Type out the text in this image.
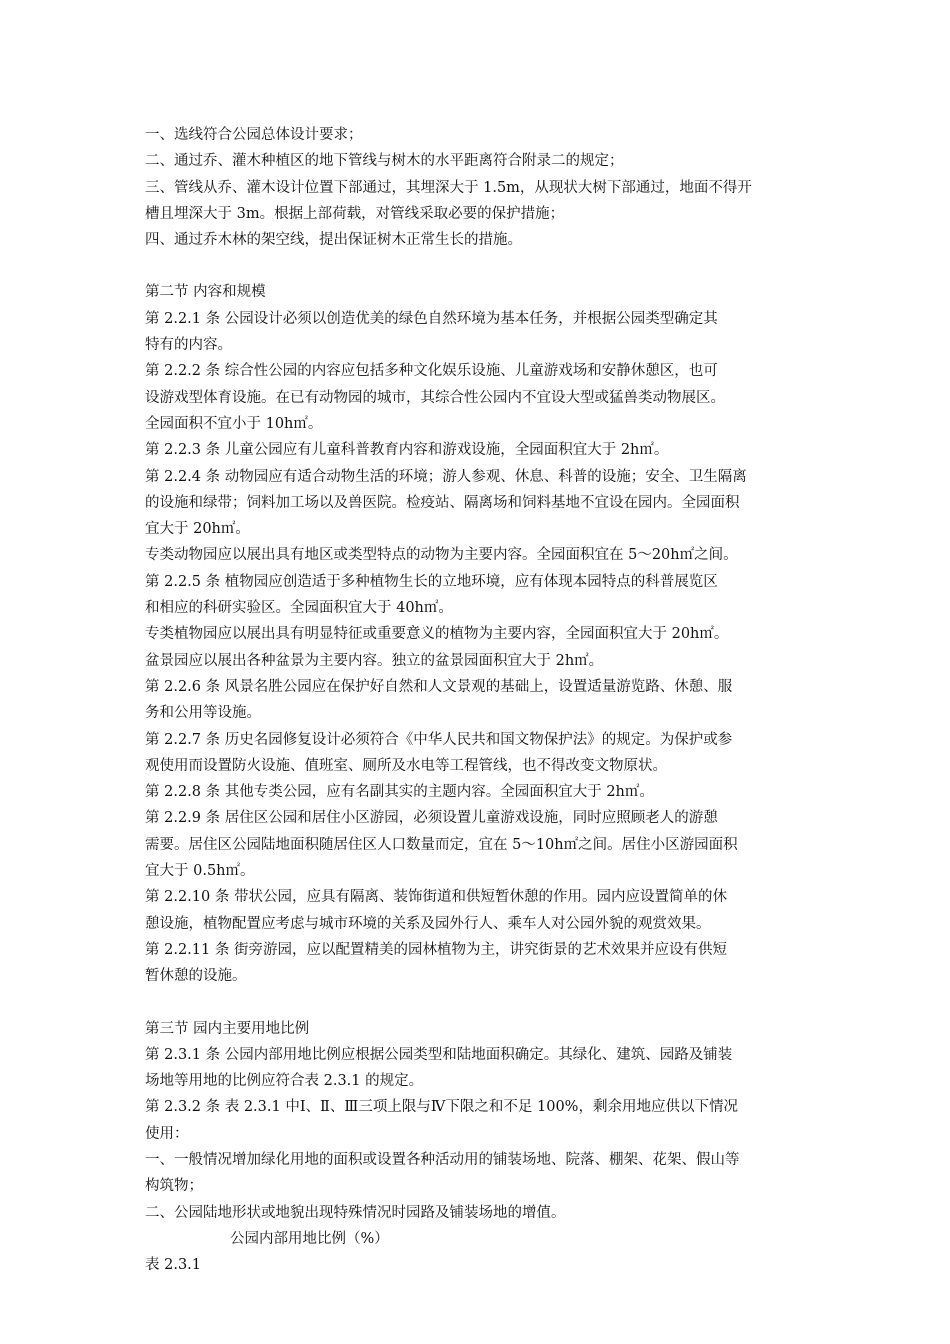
一、选线符合公园总体设计要求；
二、通过乔、灌木种植区的地下管线与树木的水平距离符合附录二的规定；
三、管线从乔、灌木设计位置下部通过，其埋深大于 1.5m，从现状大树下部通过，地面不得开
槽且埋深大于 3m。根据上部荷载，对管线采取必要的保护措施；
四、通过乔木林的架空线，提出保证树木正常生长的措施。
第二节 内容和规模
第 2.2.1 条 公园设计必须以创造优美的绿色自然环境为基本任务，并根据公园类型确定其
特有的内容。
第 2.2.2 条 综合性公园的内容应包括多种文化娱乐设施、儿童游戏场和安静休憩区，也可
设游戏型体育设施。在已有动物园的城市，其综合性公园内不宜设大型或猛兽类动物展区。
全园面积不宜小于 10h㎡。
第 2.2.3 条 儿童公园应有儿童科普教育内容和游戏设施，全园面积宜大于 2h㎡。
第 2.2.4 条 动物园应有适合动物生活的环境；游人参观、休息、科普的设施；安全、卫生隔离
的设施和绿带；饲料加工场以及兽医院。检疫站、隔离场和饲料基地不宜设在园内。全园面积
宜大于 20h㎡。
专类动物园应以展出具有地区或类型特点的动物为主要内容。全园面积宜在 5～20h㎡之间。
第 2.2.5 条 植物园应创造适于多种植物生长的立地环境，应有体现本园特点的科普展览区
和相应的科研实验区。全园面积宜大于 40h㎡。
专类植物园应以展出具有明显特征或重要意义的植物为主要内容，全园面积宜大于 20h㎡。
盆景园应以展出各种盆景为主要内容。独立的盆景园面积宜大于 2h㎡。
第 2.2.6 条 风景名胜公园应在保护好自然和人文景观的基础上，设置适量游览路、休憩、服
务和公用等设施。
第 2.2.7 条 历史名园修复设计必须符合《中华人民共和国文物保护法》的规定。为保护或参
观使用而设置防火设施、值班室、厕所及水电等工程管线，也不得改变文物原状。
第 2.2.8 条 其他专类公园，应有名副其实的主题内容。全园面积宜大于 2h㎡。
第 2.2.9 条 居住区公园和居住小区游园，必须设置儿童游戏设施，同时应照顾老人的游憩
需要。居住区公园陆地面积随居住区人口数量而定，宜在 5～10h㎡之间。居住小区游园面积
宜大于 0.5h㎡。
第 2.2.10 条 带状公园，应具有隔离、装饰街道和供短暂休憩的作用。园内应设置简单的休
憩设施，植物配置应考虑与城市环境的关系及园外行人、乘车人对公园外貌的观赏效果。
第 2.2.11 条 街旁游园，应以配置精美的园林植物为主，讲究街景的艺术效果并应设有供短
暂休憩的设施。
第三节 园内主要用地比例
第 2.3.1 条 公园内部用地比例应根据公园类型和陆地面积确定。其绿化、建筑、园路及铺装
场地等用地的比例应符合表 2.3.1 的规定。
第 2.3.2 条 表 2.3.1 中Ⅰ、Ⅱ、Ⅲ三项上限与Ⅳ下限之和不足 100%，剩余用地应供以下情况
使用：
一、一般情况增加绿化用地的面积或设置各种活动用的铺装场地、院落、棚架、花架、假山等
构筑物；
二、公园陆地形状或地貌出现特殊情况时园路及铺装场地的增值。
公园内部用地比例（%）
表 2.3.1
